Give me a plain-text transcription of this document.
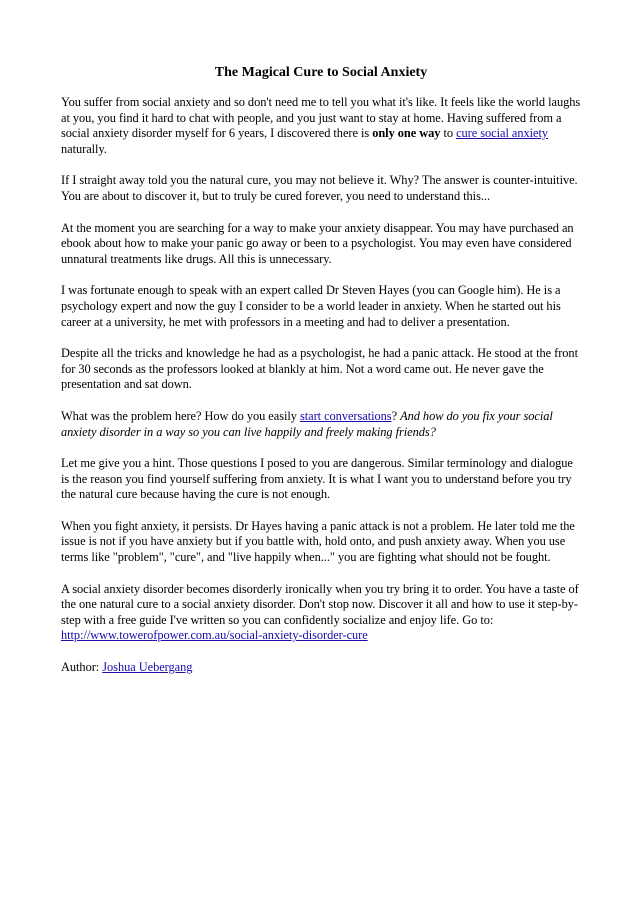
The Magical Cure to Social Anxiety

You suffer from social anxiety and so don't need me to tell you what it's like. It feels like the world laughs at you, you find it hard to chat with people, and you just want to stay at home. Having suffered from a social anxiety disorder myself for 6 years, I discovered there is only one way to cure social anxiety naturally.

If I straight away told you the natural cure, you may not believe it. Why? The answer is counter-intuitive. You are about to discover it, but to truly be cured forever, you need to understand this...

At the moment you are searching for a way to make your anxiety disappear. You may have purchased an ebook about how to make your panic go away or been to a psychologist. You may even have considered unnatural treatments like drugs. All this is unnecessary.

I was fortunate enough to speak with an expert called Dr Steven Hayes (you can Google him). He is a psychology expert and now the guy I consider to be a world leader in anxiety. When he started out his career at a university, he met with professors in a meeting and had to deliver a presentation.

Despite all the tricks and knowledge he had as a psychologist, he had a panic attack. He stood at the front for 30 seconds as the professors looked at blankly at him. Not a word came out. He never gave the presentation and sat down.

What was the problem here? How do you easily start conversations? And how do you fix your social anxiety disorder in a way so you can live happily and freely making friends?

Let me give you a hint. Those questions I posed to you are dangerous. Similar terminology and dialogue is the reason you find yourself suffering from anxiety. It is what I want you to understand before you try the natural cure because having the cure is not enough.

When you fight anxiety, it persists. Dr Hayes having a panic attack is not a problem. He later told me the issue is not if you have anxiety but if you battle with, hold onto, and push anxiety away. When you use terms like "problem", "cure", and "live happily when..." you are fighting what should not be fought.

A social anxiety disorder becomes disorderly ironically when you try bring it to order. You have a taste of the one natural cure to a social anxiety disorder. Don't stop now. Discover it all and how to use it step-by-step with a free guide I've written so you can confidently socialize and enjoy life. Go to: http://www.towerofpower.com.au/social-anxiety-disorder-cure

Author: Joshua Uebergang
